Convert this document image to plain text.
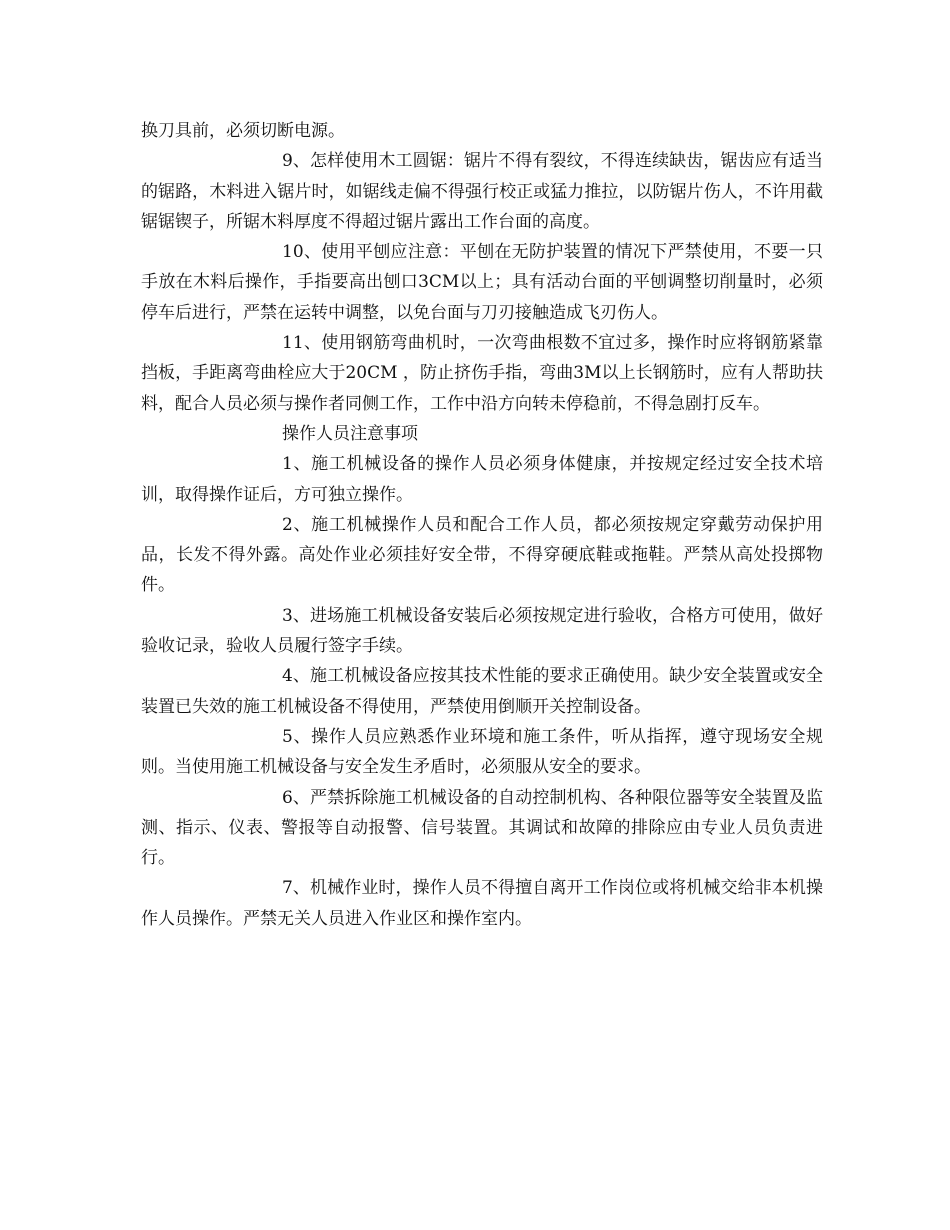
换刀具前，必须切断电源。

9、怎样使用木工圆锯：锯片不得有裂纹，不得连续缺齿，锯齿应有适当的锯路，木料进入锯片时，如锯线走偏不得强行校正或猛力推拉，以防锯片伤人，不许用截锯锯锲子，所锯木料厚度不得超过锯片露出工作台面的高度。

10、使用平刨应注意：平刨在无防护装置的情况下严禁使用，不要一只手放在木料后操作，手指要高出刨口3CM以上；具有活动台面的平刨调整切削量时，必须停车后进行，严禁在运转中调整，以免台面与刀刃接触造成飞刃伤人。

11、使用钢筋弯曲机时，一次弯曲根数不宜过多，操作时应将钢筋紧靠挡板，手距离弯曲栓应大于20CM ，防止挤伤手指，弯曲3M以上长钢筋时，应有人帮助扶料，配合人员必须与操作者同侧工作，工作中沿方向转未停稳前，不得急剧打反车。

操作人员注意事项

1、施工机械设备的操作人员必须身体健康，并按规定经过安全技术培训，取得操作证后，方可独立操作。

2、施工机械操作人员和配合工作人员，都必须按规定穿戴劳动保护用品，长发不得外露。高处作业必须挂好安全带，不得穿硬底鞋或拖鞋。严禁从高处投掷物件。

3、进场施工机械设备安装后必须按规定进行验收，合格方可使用，做好验收记录，验收人员履行签字手续。

4、施工机械设备应按其技术性能的要求正确使用。缺少安全装置或安全装置已失效的施工机械设备不得使用，严禁使用倒顺开关控制设备。

5、操作人员应熟悉作业环境和施工条件，听从指挥，遵守现场安全规则。当使用施工机械设备与安全发生矛盾时，必须服从安全的要求。

6、严禁拆除施工机械设备的自动控制机构、各种限位器等安全装置及监测、指示、仪表、警报等自动报警、信号装置。其调试和故障的排除应由专业人员负责进行。

7、机械作业时，操作人员不得擅自离开工作岗位或将机械交给非本机操作人员操作。严禁无关人员进入作业区和操作室内。
